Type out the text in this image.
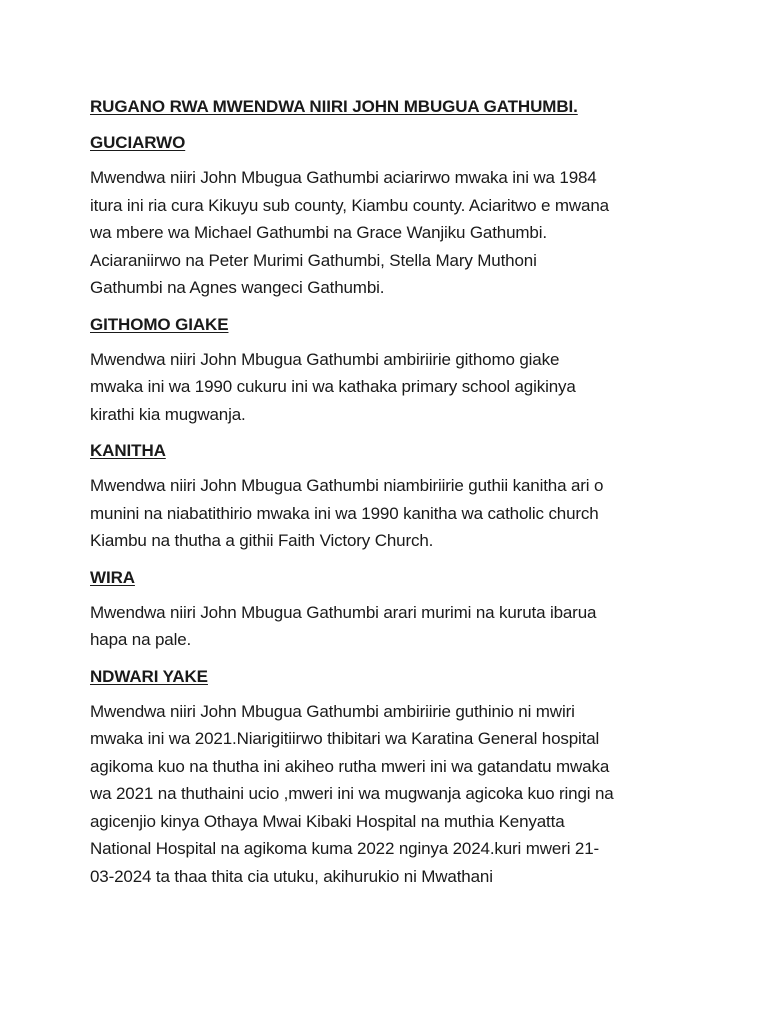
RUGANO RWA MWENDWA NIIRI JOHN MBUGUA GATHUMBI.

GUCIARWO

Mwendwa niiri John Mbugua Gathumbi aciarirwo mwaka ini wa 1984
itura ini ria cura Kikuyu sub county, Kiambu county. Aciaritwo e mwana
wa mbere wa Michael Gathumbi na Grace Wanjiku Gathumbi.
Aciaraniirwo na Peter Murimi Gathumbi, Stella Mary Muthoni
Gathumbi na Agnes wangeci Gathumbi.

GITHOMO GIAKE

Mwendwa niiri John Mbugua Gathumbi ambiriirie githomo giake
mwaka ini wa 1990 cukuru ini wa kathaka primary school agikinya
kirathi kia mugwanja.

KANITHA

Mwendwa niiri John Mbugua Gathumbi niambiriirie guthii kanitha ari o
munini na niabatithirio mwaka ini wa 1990 kanitha wa catholic church
Kiambu na thutha a githii Faith Victory Church.

WIRA

Mwendwa niiri John Mbugua Gathumbi arari murimi na kuruta ibarua
hapa na pale.

NDWARI YAKE

Mwendwa niiri John Mbugua Gathumbi ambiriirie guthinio ni mwiri
mwaka ini wa 2021.Niarigitiirwo thibitari wa Karatina General hospital
agikoma kuo na thutha ini akiheo rutha mweri ini wa gatandatu mwaka
wa 2021 na thuthaini ucio ,mweri ini wa mugwanja agicoka kuo ringi na
agicenjio kinya Othaya Mwai Kibaki Hospital na muthia Kenyatta
National Hospital na agikoma kuma 2022 nginya 2024.kuri mweri 21-
03-2024 ta thaa thita cia utuku, akihurukio ni Mwathani
